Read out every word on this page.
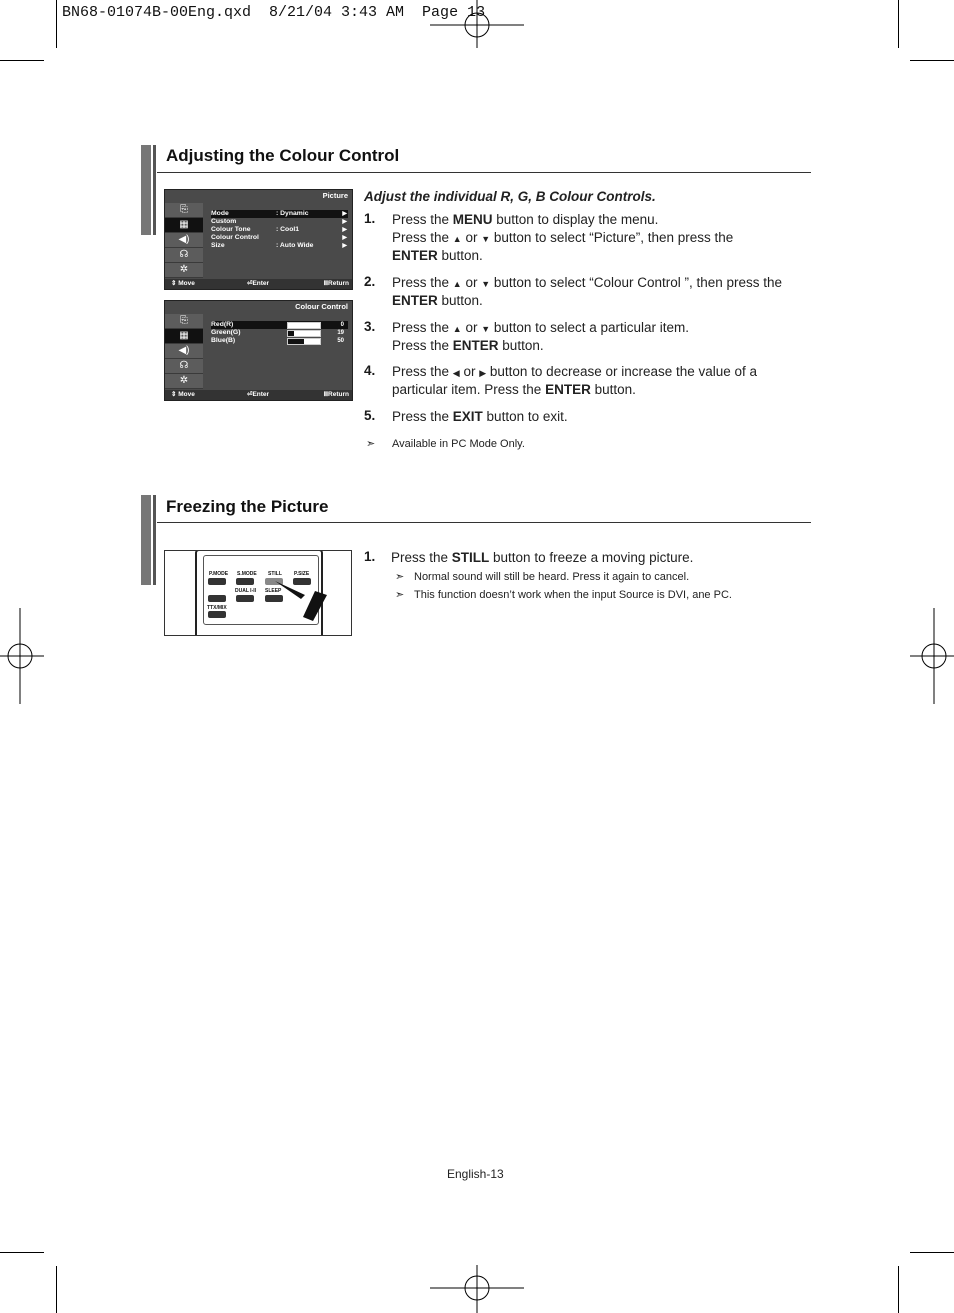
BN68-01074B-00Eng.qxd  8/21/04 3:43 AM  Page 13
Adjusting the Colour Control
Picture
⎘
▦
◀)
☊
✲
Mode	: Dynamic	▶
Custom	▶
Colour Tone	: Cool1	▶
Colour Control	▶
Size	: Auto Wide	▶
⇕ Move	⏎Enter	ⅢReturn
Colour Control
⎘
▦
◀)
☊
✲
Red(R)	0
Green(G)	19
Blue(B)	50
⇕ Move	⏎Enter	ⅢReturn
Adjust the individual R, G, B Colour Controls.
1. Press the MENU button to display the menu.
Press the ▲ or ▼ button to select “Picture”, then press the
ENTER button.
2. Press the ▲ or ▼ button to select “Colour Control ”, then press the
ENTER button.
3. Press the ▲ or ▼ button to select a particular item.
Press the ENTER button.
4. Press the ◀ or ▶ button to decrease or increase the value of a
particular item. Press the ENTER button.
5. Press the EXIT button to exit.
➣ Available in PC Mode Only.
Freezing the Picture
P.MODE S.MODE STILL P.SIZE
DUAL I-II SLEEP
TTX/MIX
1. Press the STILL button to freeze a moving picture.
➣ Normal sound will still be heard. Press it again to cancel.
➣ This function doesn’t work when the input Source is DVI, ane PC.
English-13
